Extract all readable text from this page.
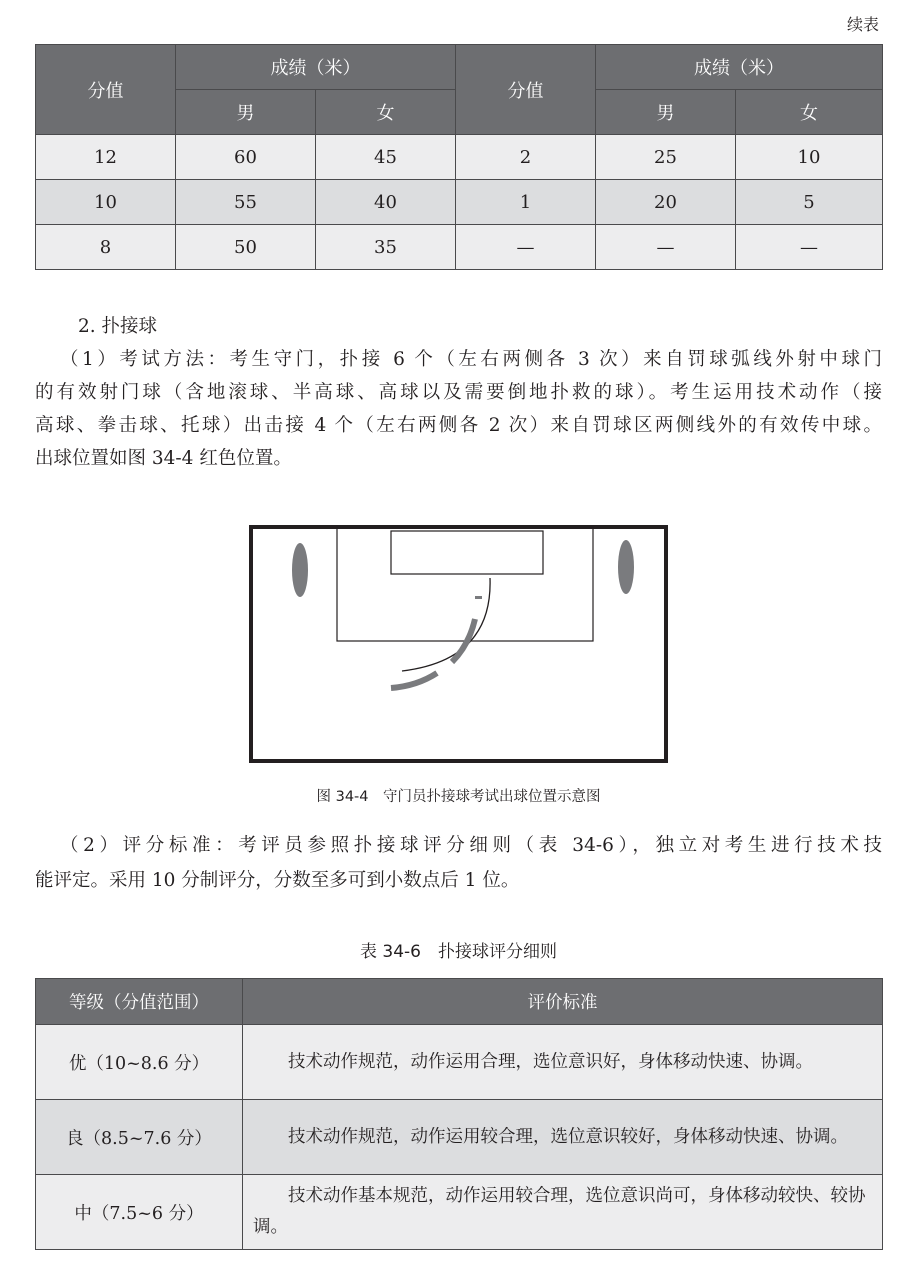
续表
分值	成绩（米）		分值	成绩（米）	
	男	女		男	女
12	60	45	2	25	10
10	55	40	1	20	5
8	50	35	—	—	—
2. 扑接球
（1）考试方法：考生守门，扑接 6 个（左右两侧各 3 次）来自罚球弧线外射中球门
的有效射门球（含地滚球、半高球、高球以及需要倒地扑救的球）。考生运用技术动作（接
高球、拳击球、托球）出击接 4 个（左右两侧各 2 次）来自罚球区两侧线外的有效传中球。
出球位置如图 34-4 红色位置。
图 34-4　守门员扑接球考试出球位置示意图
（2）评分标准：考评员参照扑接球评分细则（表 34-6），独立对考生进行技术技
能评定。采用 10 分制评分，分数至多可到小数点后 1 位。
表 34-6　扑接球评分细则
等级（分值范围）	评价标准
优（10~8.6 分）	技术动作规范，动作运用合理，选位意识好，身体移动快速、协调。
良（8.5~7.6 分）	技术动作规范，动作运用较合理，选位意识较好，身体移动快速、协调。
中（7.5~6 分）	技术动作基本规范，动作运用较合理，选位意识尚可，身体移动较快、较协调。
